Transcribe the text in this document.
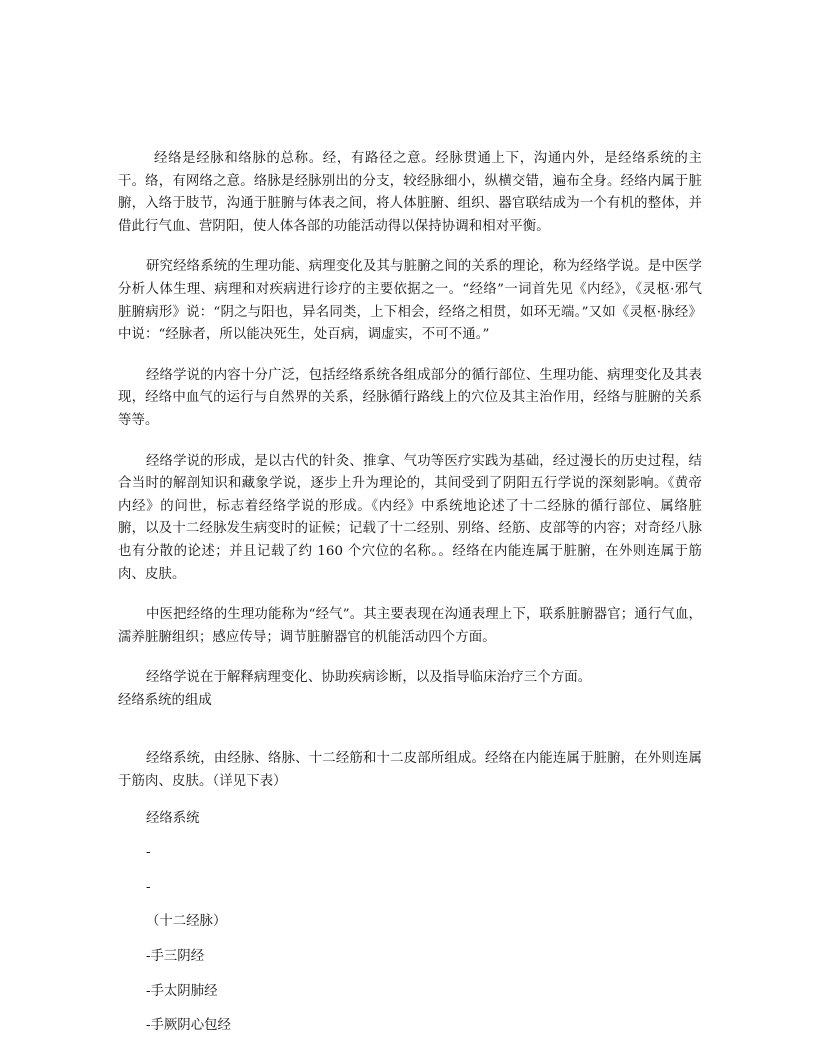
经络是经脉和络脉的总称。经，有路径之意。经脉贯通上下，沟通内外，是经络系统的主干。络，有网络之意。络脉是经脉别出的分支，较经脉细小，纵横交错，遍布全身。经络内属于脏腑，入络于肢节，沟通于脏腑与体表之间，将人体脏腑、组织、器官联结成为一个有机的整体，并借此行气血、营阴阳，使人体各部的功能活动得以保持协调和相对平衡。

研究经络系统的生理功能、病理变化及其与脏腑之间的关系的理论，称为经络学说。是中医学分析人体生理、病理和对疾病进行诊疗的主要依据之一。“经络”一词首先见《内经》，《灵枢·邪气脏腑病形》说：“阴之与阳也，异名同类，上下相会，经络之相贯，如环无端。”又如《灵枢·脉经》中说：“经脉者，所以能决死生，处百病，调虚实，不可不通。”

经络学说的内容十分广泛，包括经络系统各组成部分的循行部位、生理功能、病理变化及其表现，经络中血气的运行与自然界的关系，经脉循行路线上的穴位及其主治作用，经络与脏腑的关系等等。

经络学说的形成，是以古代的针灸、推拿、气功等医疗实践为基础，经过漫长的历史过程，结合当时的解剖知识和藏象学说，逐步上升为理论的，其间受到了阴阳五行学说的深刻影响。《黄帝内经》的问世，标志着经络学说的形成。《内经》中系统地论述了十二经脉的循行部位、属络脏腑，以及十二经脉发生病变时的证候；记载了十二经别、别络、经筋、皮部等的内容；对奇经八脉也有分散的论述；并且记载了约 160 个穴位的名称。。经络在内能连属于脏腑，在外则连属于筋肉、皮肤。

中医把经络的生理功能称为“经气”。其主要表现在沟通表理上下，联系脏腑器官；通行气血，濡养脏腑组织；感应传导；调节脏腑器官的机能活动四个方面。

经络学说在于解释病理变化、协助疾病诊断，以及指导临床治疗三个方面。

经络系统的组成

经络系统，由经脉、络脉、十二经筋和十二皮部所组成。经络在内能连属于脏腑，在外则连属于筋肉、皮肤。（详见下表）

经络系统

-

-

（十二经脉）

-手三阴经

-手太阴肺经

-手厥阴心包经
